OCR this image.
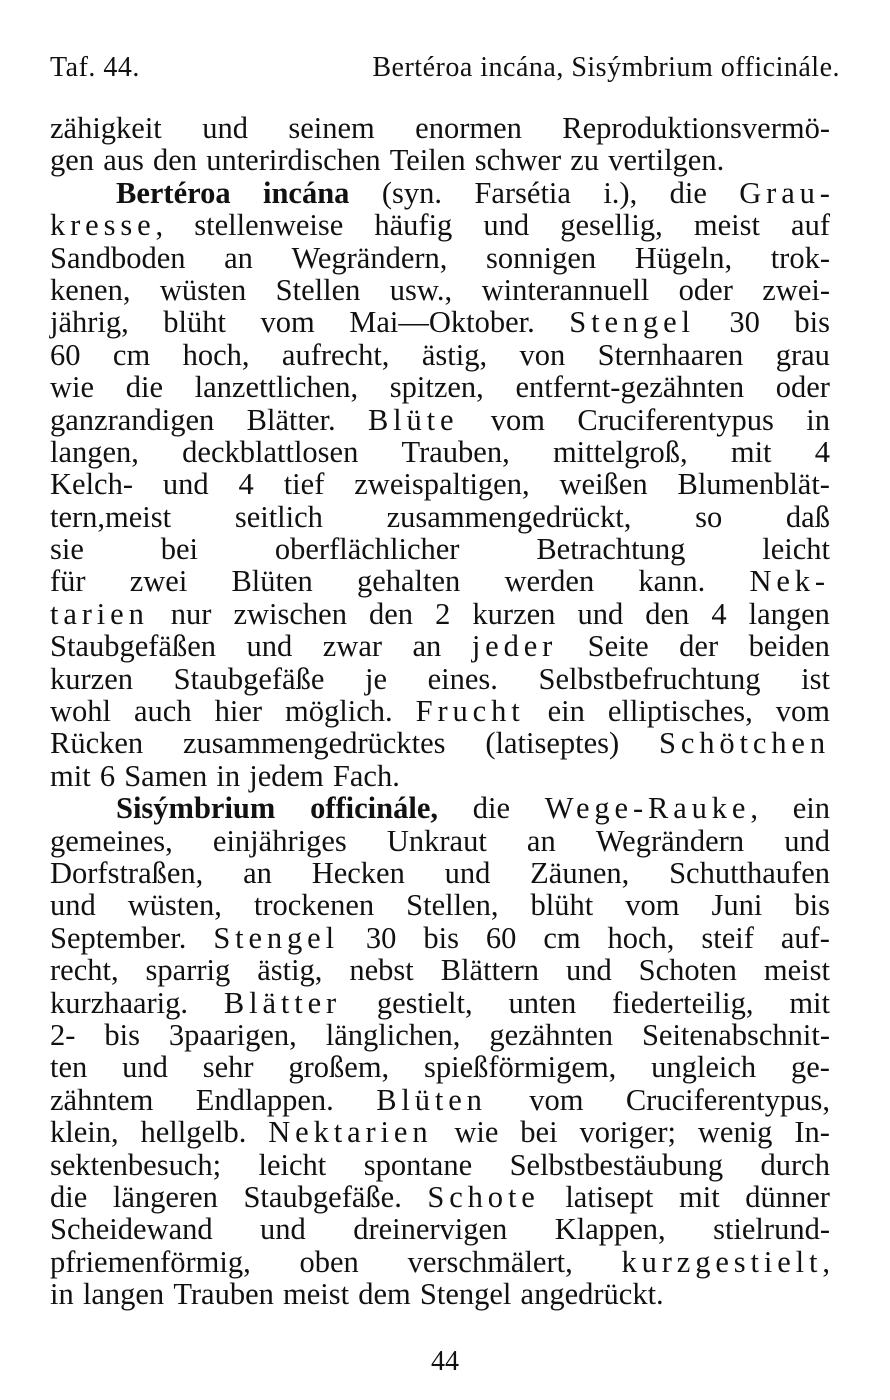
Taf. 44.	Bertéroa incána, Sisýmbrium officinále.
zähigkeit und seinem enormen Reproduktionsvermö-
gen aus den unterirdischen Teilen schwer zu vertilgen.
Bertéroa incána (syn. Farsétia i.), die Grau-
kresse, stellenweise häufig und gesellig, meist auf
Sandboden an Wegrändern, sonnigen Hügeln, trok-
kenen, wüsten Stellen usw., winterannuell oder zwei-
jährig, blüht vom Mai—Oktober. Stengel 30 bis
60 cm hoch, aufrecht, ästig, von Sternhaaren grau
wie die lanzettlichen, spitzen, entfernt-gezähnten oder
ganzrandigen Blätter. Blüte vom Cruciferentypus in
langen, deckblattlosen Trauben, mittelgroß, mit 4
Kelch- und 4 tief zweispaltigen, weißen Blumenblät-
tern,meist seitlich zusammengedrückt, so daß
sie	bei	oberflächlicher	Betrachtung	leicht
für zwei Blüten gehalten werden kann. Nek-
tarien nur zwischen den 2 kurzen und den 4 langen
Staubgefäßen und zwar an jeder Seite der beiden
kurzen Staubgefäße je eines. Selbstbefruchtung ist
wohl auch hier möglich. Frucht ein elliptisches, vom
Rücken zusammengedrücktes (latiseptes) Schötchen
mit 6 Samen in jedem Fach.
Sisýmbrium officinále, die Wege-Rauke, ein
gemeines, einjähriges Unkraut an Wegrändern und
Dorfstraßen, an Hecken und Zäunen, Schutthaufen
und wüsten, trockenen Stellen, blüht vom Juni bis
September. Stengel 30 bis 60 cm hoch, steif auf-
recht, sparrig ästig, nebst Blättern und Schoten meist
kurzhaarig. Blätter gestielt, unten fiederteilig, mit
2- bis 3paarigen, länglichen, gezähnten Seitenabschnit-
ten und sehr großem, spießförmigem, ungleich ge-
zähntem Endlappen. Blüten vom Cruciferentypus,
klein, hellgelb. Nektarien wie bei voriger; wenig In-
sektenbesuch; leicht spontane Selbstbestäubung durch
die längeren Staubgefäße. Schote latisept mit dünner
Scheidewand und dreinervigen Klappen, stielrund-
pfriemenförmig, oben verschmälert, kurzgestielt,
in langen Trauben meist dem Stengel angedrückt.
44
